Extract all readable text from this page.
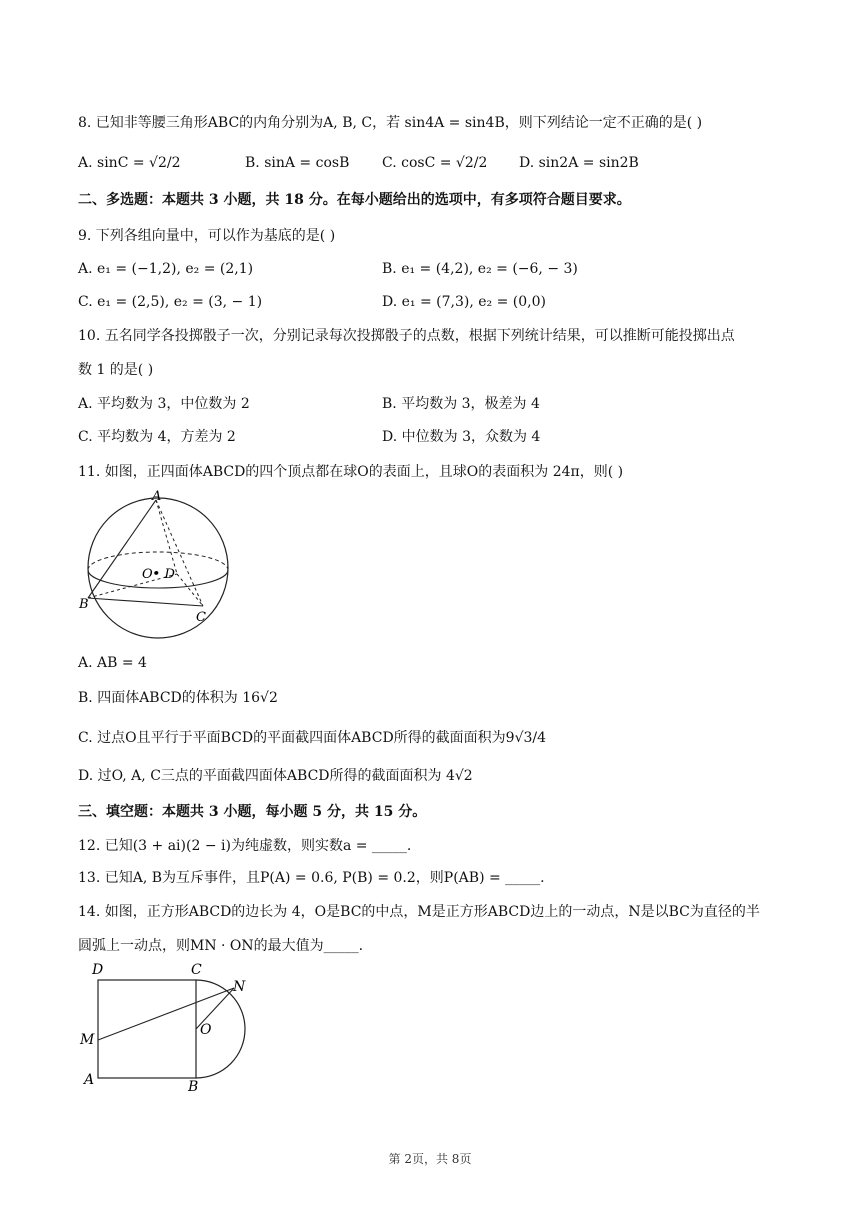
8. 已知非等腰三角形ABC的内角分别为A, B, C，若 sin4A = sin4B，则下列结论一定不正确的是( )
A. sinC = √2/2	B. sinA = cosB C. cosC = √2/2 D. sin2A = sin2B
二、多选题：本题共 3 小题，共 18 分。在每小题给出的选项中，有多项符合题目要求。
9. 下列各组向量中，可以作为基底的是( )
A. e₁ = (−1,2), e₂ = (2,1)	B. e₁ = (4,2), e₂ = (−6, − 3)
C. e₁ = (2,5), e₂ = (3, − 1)	D. e₁ = (7,3), e₂ = (0,0)
10. 五名同学各投掷骰子一次，分别记录每次投掷骰子的点数，根据下列统计结果，可以推断可能投掷出点
数 1 的是( )
A. 平均数为 3，中位数为 2	B. 平均数为 3，极差为 4
C. 平均数为 4，方差为 2	D. 中位数为 3，众数为 4
11. 如图，正四面体ABCD的四个顶点都在球O的表面上，且球O的表面积为 24π，则( )
A
B
C
O• D
A. AB = 4
B. 四面体ABCD的体积为 16√2
C. 过点O且平行于平面BCD的平面截四面体ABCD所得的截面面积为9√3/4
D. 过O, A, C三点的平面截四面体ABCD所得的截面面积为 4√2
三、填空题：本题共 3 小题，每小题 5 分，共 15 分。
12. 已知(3 + ai)(2 − i)为纯虚数，则实数a = _____.
13. 已知A, B为互斥事件，且P(A) = 0.6, P(B) = 0.2，则P(AB) = _____.
14. 如图，正方形ABCD的边长为 4，O是BC的中点，M是正方形ABCD边上的一动点，N是以BC为直径的半
圆弧上一动点，则MN · ON的最大值为_____.
D	C
N
O
M
A	B
第 2页，共 8页
